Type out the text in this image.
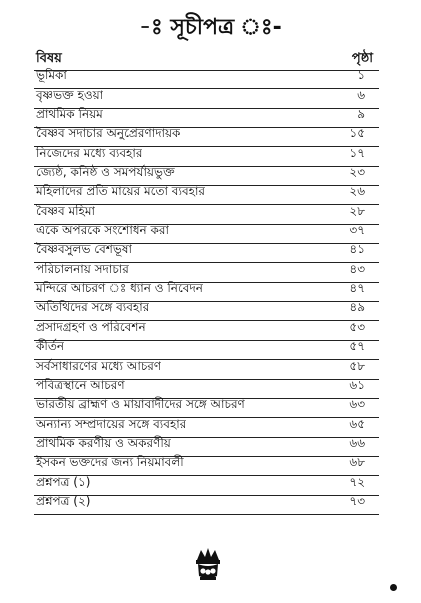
-ঃ সূচীপত্র ঃ-
বিষয়	পৃষ্ঠা
ভূমিকা	১
বৃষ্ণভক্ত হওয়া	৬
প্রাথমিক নিয়ম	৯
বৈষ্ণব সদাচার অনুপ্রেরণাদায়ক	১৫
নিজেদের মধ্যে ব্যবহার	১৭
জ্যেষ্ঠ, কনিষ্ঠ ও সমপর্যায়ভুক্ত	২৩
মহিলাদের প্রতি মায়ের মতো ব্যবহার	২৬
বৈষ্ণব মহিমা	২৮
একে অপরকে সংশোধন করা	৩৭
বৈষ্ণবসুলভ বেশভূষা	৪১
পরিচালনায় সদাচার	৪৩
মন্দিরে আচরণ ঃ ধ্যান ও নিবেদন	৪৭
অতিথিদের সঙ্গে ব্যবহার	৪৯
প্রসাদগ্রহণ ও পরিবেশন	৫৩
কীর্তন	৫৭
সর্বসাধারণের মধ্যে আচরণ	৫৮
পবিত্রস্থানে আচরণ	৬১
ভারতীয় ব্রাহ্মণ ও মায়াবাদীদের সঙ্গে আচরণ	৬৩
অন্যান্য সম্প্রদায়ের সঙ্গে ব্যবহার	৬৫
প্রাথমিক করণীয় ও অকরণীয়	৬৬
ইসকন ভক্তদের জন্য নিয়মাবলী	৬৮
প্রশ্নপত্র (১)	৭২
প্রশ্নপত্র (২)	৭৩
